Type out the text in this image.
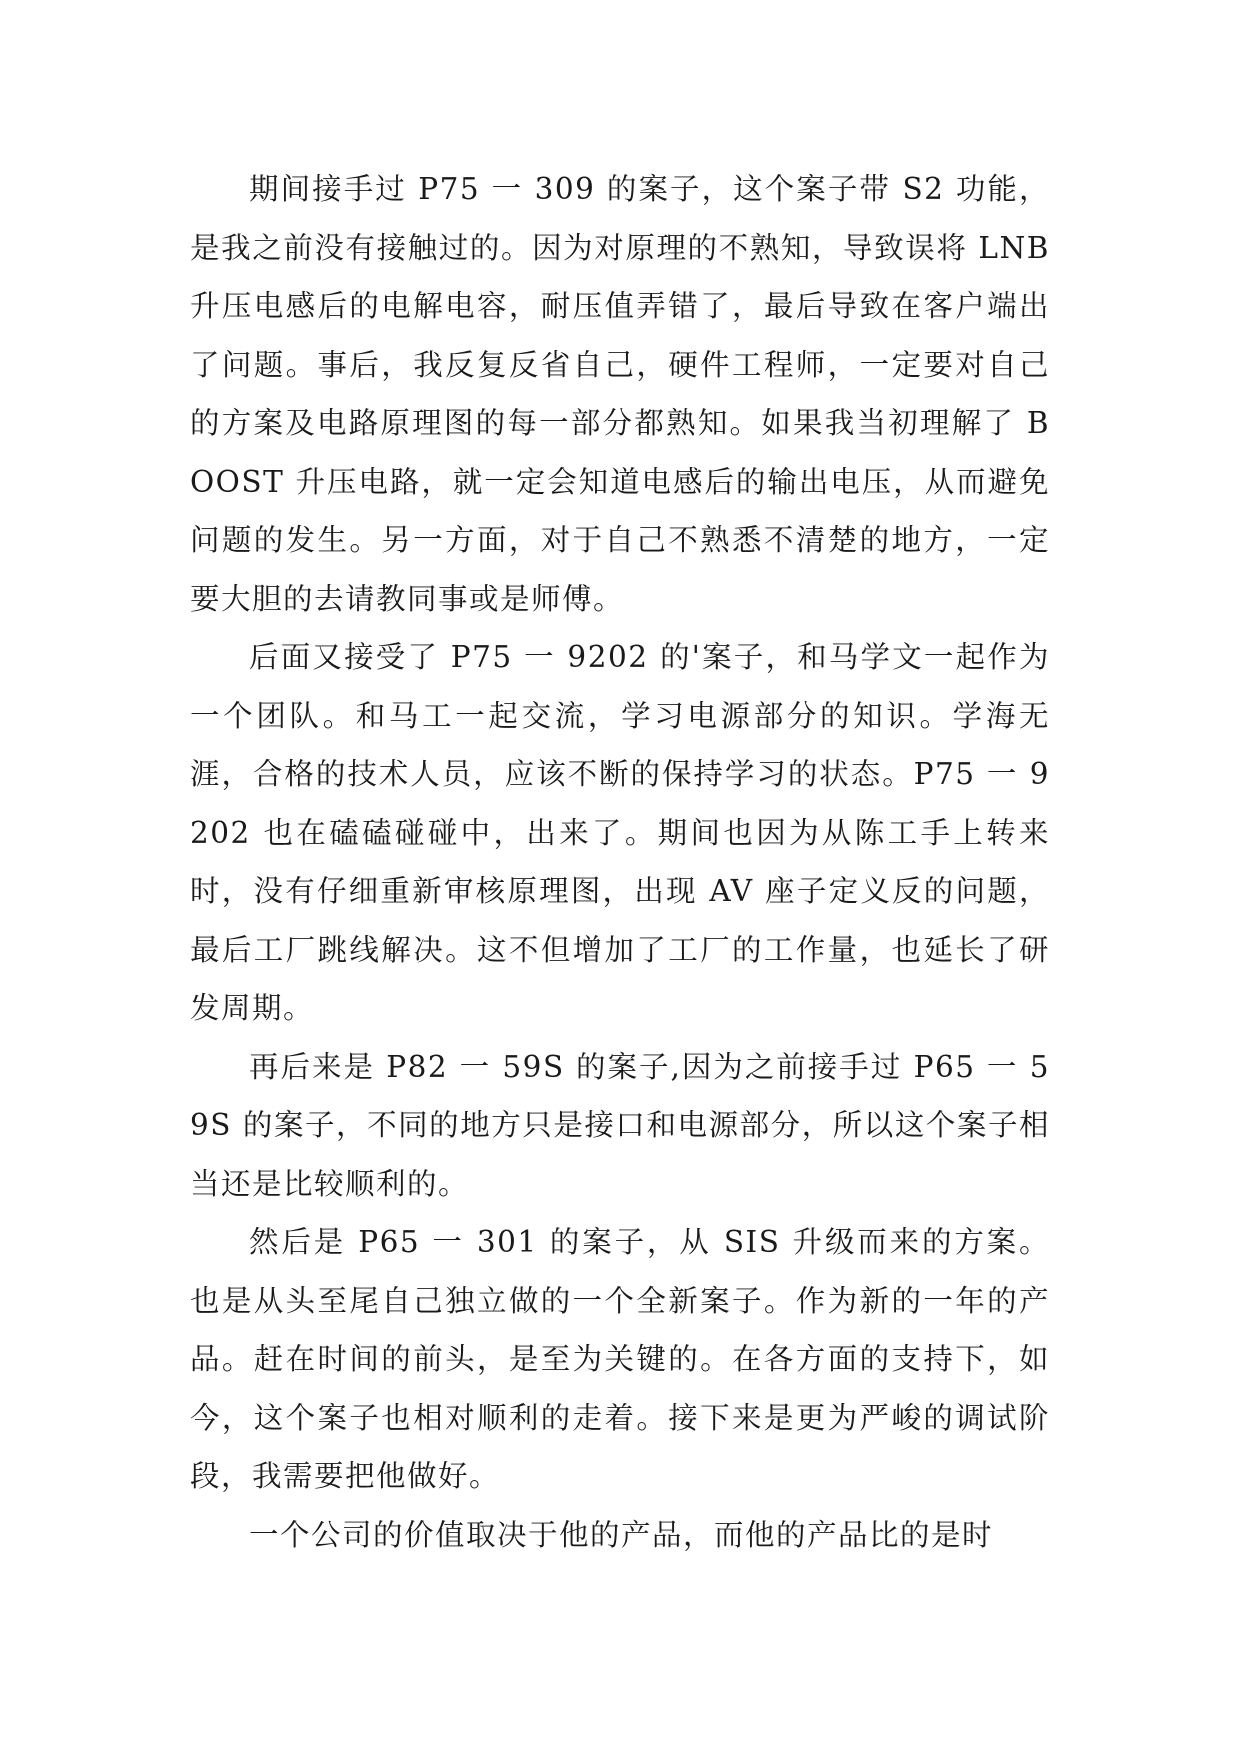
期间接手过 P75 一 309 的案子，这个案子带 S2 功能，是我之前没有接触过的。因为对原理的不熟知，导致误将 LNB 升压电感后的电解电容，耐压值弄错了，最后导致在客户端出了问题。事后，我反复反省自己，硬件工程师，一定要对自己的方案及电路原理图的每一部分都熟知。如果我当初理解了 BOOST 升压电路，就一定会知道电感后的输出电压，从而避免问题的发生。另一方面，对于自己不熟悉不清楚的地方，一定要大胆的去请教同事或是师傅。

后面又接受了 P75 一 9202 的'案子，和马学文一起作为一个团队。和马工一起交流，学习电源部分的知识。学海无涯，合格的技术人员，应该不断的保持学习的状态。P75 一 9202 也在磕磕碰碰中，出来了。期间也因为从陈工手上转来时，没有仔细重新审核原理图，出现 AV 座子定义反的问题，最后工厂跳线解决。这不但增加了工厂的工作量，也延长了研发周期。

再后来是 P82 一 59S 的案子,因为之前接手过 P65 一 59S 的案子，不同的地方只是接口和电源部分，所以这个案子相当还是比较顺利的。

然后是 P65 一 301 的案子，从 SIS 升级而来的方案。也是从头至尾自己独立做的一个全新案子。作为新的一年的产品。赶在时间的前头，是至为关键的。在各方面的支持下，如今，这个案子也相对顺利的走着。接下来是更为严峻的调试阶段，我需要把他做好。

一个公司的价值取决于他的产品，而他的产品比的是时
